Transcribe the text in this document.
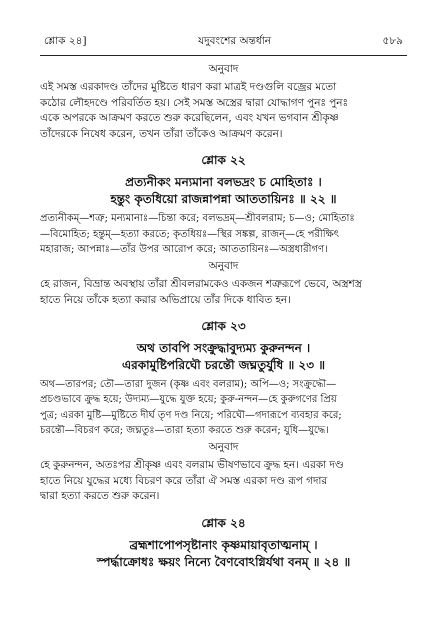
শ্লোক ২৪]	যদুবংশের অন্তর্ধান	৫৮৯
অনুবাদ
এই সমস্ত এরকাদণ্ড তাঁদের মুষ্টিতে ধারণ করা মাত্রই দণ্ডগুলি বজ্রের মতো
কঠোর লৌহদণ্ডে পরিবর্তিত হয়। সেই সমস্ত অস্ত্রের দ্বারা যোদ্ধাগণ পুনঃ পুনঃ
একে অপরকে আক্রমণ করতে শুরু করেছিলেন, এবং যখন ভগবান শ্রীকৃষ্ণ
তাঁদেরকে নিষেধ করেন, তখন তাঁরা তাঁকেও আক্রমণ করেন।
শ্লোক ২২
প্রত্যনীকং মন্যমানা বলভদ্রং চ মোহিতাঃ ।
হন্তুং কৃতধিয়ো রাজন্নাপন্না আততায়িনঃ ॥ ২২ ॥
প্রত্যনীকম্—শত্রু; মন্যমানাঃ—চিন্তা করে; বলভদ্রম্—শ্রীবলরাম; চ—ও; মোহিতাঃ
—বিমোহিত; হন্তুম্—হত্যা করতে; কৃতধিয়ঃ—স্থির সঙ্কল্প, রাজন্—হে পরীক্ষিৎ
মহারাজ; আপন্নাঃ—তাঁর উপর আরোপ করে; আততায়িনঃ—অস্ত্রধারীগণ।
অনুবাদ
হে রাজন, বিভ্রান্ত অবস্থায় তাঁরা শ্রীবলরামকেও একজন শত্রুরূপে ভেবে, অস্ত্রশস্ত্র
হাতে নিয়ে তাঁকে হত্যা করার অভিপ্রায়ে তাঁর দিকে ধাবিত হন।
শ্লোক ২৩
অথ তাবপি সংক্রুদ্ধাবুদ্যম্য কুরুনন্দন ।
এরকামুষ্টিপরিঘৌ চরন্তৌ জঘ্নতুর্যুধি ॥ ২৩ ॥
অথ—তারপর; তৌ—তারা দুজন (কৃষ্ণ এবং বলরাম); অপি—ও; সংক্রুদ্ধৌ—
প্রচণ্ডভাবে ক্রুদ্ধ হয়ে; উদ্যম্য—যুদ্ধে যুক্ত হয়ে; কুরু-নন্দন—হে কুরুগণের প্রিয়
পুত্র; এরকা মুষ্টি—মুষ্টিতে দীর্ঘ তৃণ দণ্ড নিয়ে; পরিঘৌ—গদারূপে ব্যবহার করে;
চরন্তৌ—বিচরণ করে; জঘ্নতুঃ—তারা হত্যা করতে শুরু করেন; যুধি—যুদ্ধে।
অনুবাদ
হে কুরুনন্দন, অতঃপর শ্রীকৃষ্ণ এবং বলরাম ভীষণভাবে ক্রুদ্ধ হন। এরকা দণ্ড
হাতে নিয়ে যুদ্ধের মধ্যে বিচরণ করে তাঁরা ঐ সমস্ত এরকা দণ্ড রূপ গদার
দ্বারা হত্যা করতে শুরু করেন।
শ্লোক ২৪
ব্রহ্মশাপোপসৃষ্টানাং কৃষ্ণমায়াবৃতাত্মনাম্ ।
স্পর্দ্ধাক্রোধঃ ক্ষয়ং নিন্যে বৈণবোঽগ্নির্যথা বনম্ ॥ ২৪ ॥
